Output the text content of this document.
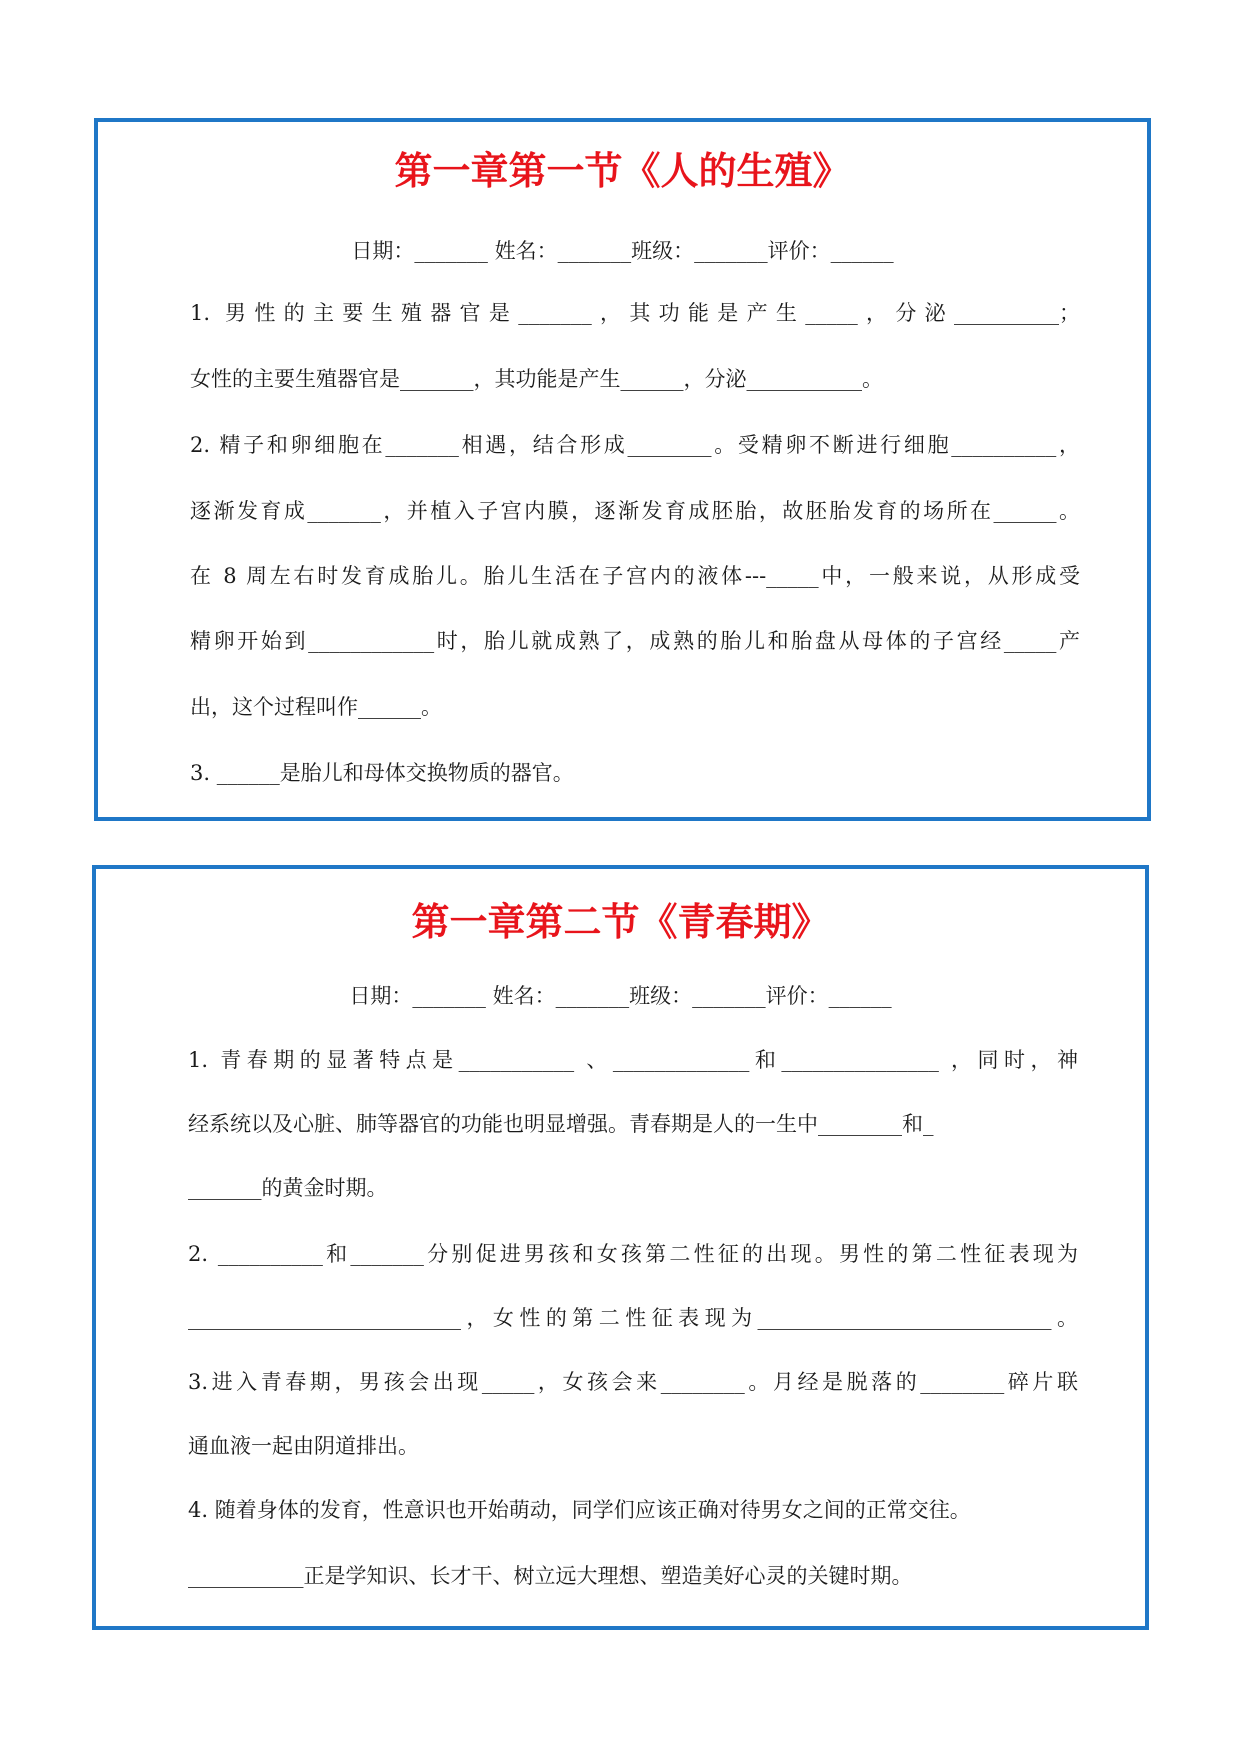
第一章第一节《人的生殖》
日期：_______ 姓名：_______班级：_______评价：______

1. 男性的主要生殖器官是_______，其功能是产生_____，分泌__________；

女性的主要生殖器官是_______，其功能是产生______，分泌___________。

2. 精子和卵细胞在_______相遇，结合形成________。受精卵不断进行细胞__________，

逐渐发育成_______，并植入子宫内膜，逐渐发育成胚胎，故胚胎发育的场所在______。

在 8 周左右时发育成胎儿。胎儿生活在子宫内的液体---_____中，一般来说，从形成受

精卵开始到____________时，胎儿就成熟了，成熟的胎儿和胎盘从母体的子宫经_____产

出，这个过程叫作______。

3. ______是胎儿和母体交换物质的器官。

第一章第二节《青春期》
日期：_______ 姓名：_______班级：_______评价：______

1. 青春期的显著特点是___________ 、_____________和_______________ ，同时，神

经系统以及心脏、肺等器官的功能也明显增强。青春期是人的一生中________和_

_______的黄金时期。

2. __________和_______分别促进男孩和女孩第二性征的出现。男性的第二性征表现为

__________________________，女性的第二性征表现为____________________________。

3.进入青春期，男孩会出现_____，女孩会来________。月经是脱落的________碎片联

通血液一起由阴道排出。

4. 随着身体的发育，性意识也开始萌动，同学们应该正确对待男女之间的正常交往。

___________正是学知识、长才干、树立远大理想、塑造美好心灵的关键时期。
